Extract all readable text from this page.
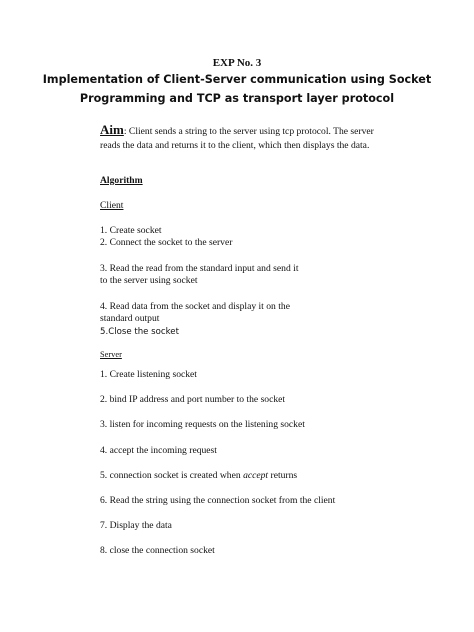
EXP No. 3
Implementation of Client-Server communication using Socket
Programming and TCP as transport layer protocol
Aim: Client sends a string to the server using tcp protocol. The server
reads the data and returns it to the client, which then displays the data.
Algorithm
Client
1. Create socket
2. Connect the socket to the server
3. Read the read from the standard input and send it
to the server using socket
4. Read data from the socket and display it on the
standard output
5.Close the socket
Server
1. Create listening socket
2. bind IP address and port number to the socket
3. listen for incoming requests on the listening socket
4. accept the incoming request
5. connection socket is created when accept returns
6. Read the string using the connection socket from the client
7. Display the data
8. close the connection socket
